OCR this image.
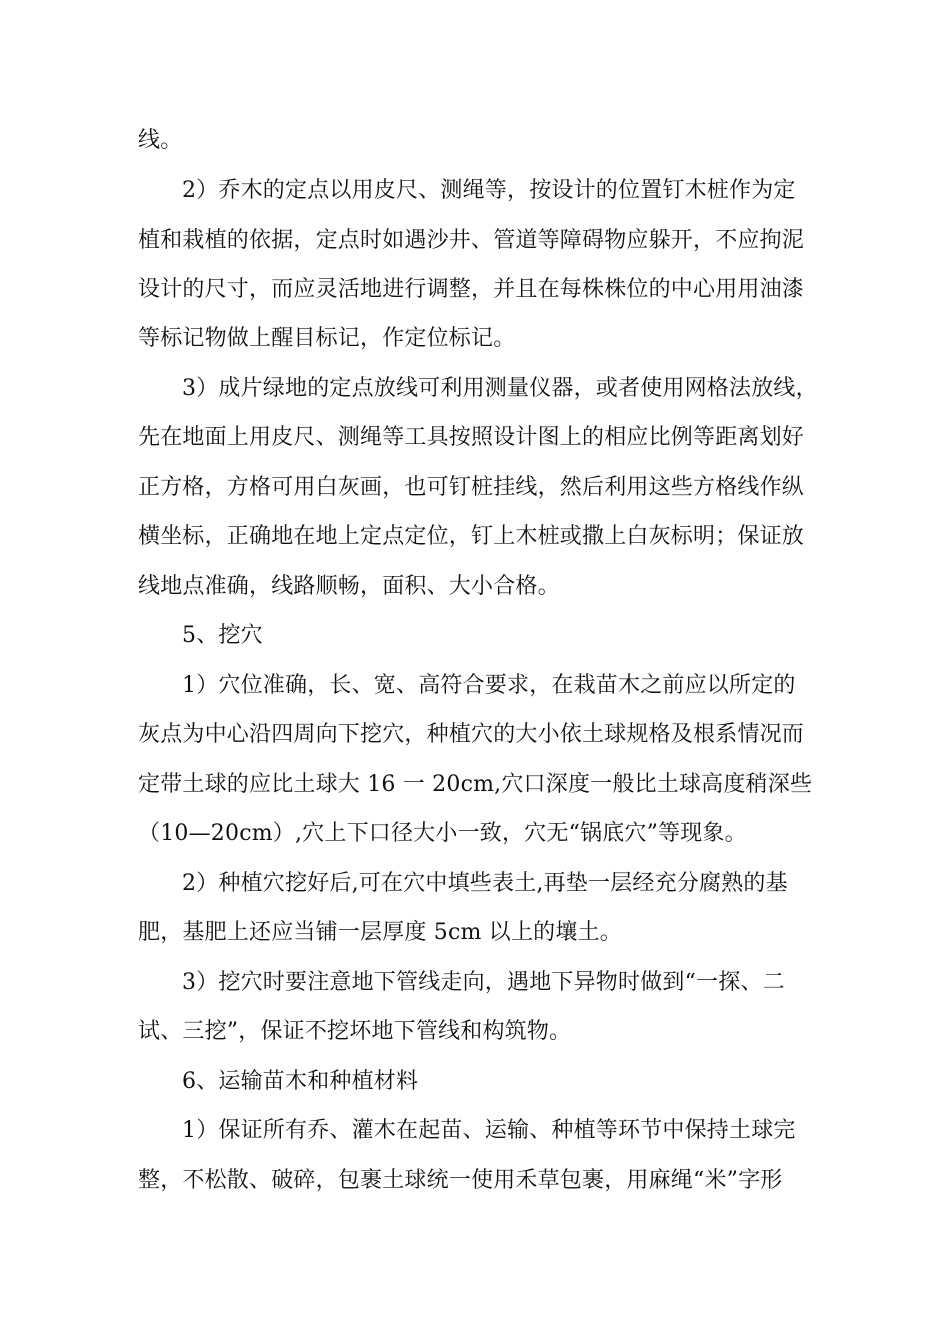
线。
2）乔木的定点以用皮尺、测绳等，按设计的位置钉木桩作为定
植和栽植的依据，定点时如遇沙井、管道等障碍物应躲开，不应拘泥
设计的尺寸，而应灵活地进行调整，并且在每株株位的中心用用油漆
等标记物做上醒目标记，作定位标记。
3）成片绿地的定点放线可利用测量仪器，或者使用网格法放线，
先在地面上用皮尺、测绳等工具按照设计图上的相应比例等距离划好
正方格，方格可用白灰画，也可钉桩挂线，然后利用这些方格线作纵
横坐标，正确地在地上定点定位，钉上木桩或撒上白灰标明；保证放
线地点准确，线路顺畅，面积、大小合格。
5、挖穴
1）穴位准确，长、宽、高符合要求，在栽苗木之前应以所定的
灰点为中心沿四周向下挖穴，种植穴的大小依土球规格及根系情况而
定带土球的应比土球大 16 一 20cm,穴口深度一般比土球高度稍深些
（10—20cm）,穴上下口径大小一致，穴无“锅底穴”等现象。
2）种植穴挖好后,可在穴中填些表土,再垫一层经充分腐熟的基
肥，基肥上还应当铺一层厚度 5cm 以上的壤土。
3）挖穴时要注意地下管线走向，遇地下异物时做到“一探、二
试、三挖”，保证不挖坏地下管线和构筑物。
6、运输苗木和种植材料
1）保证所有乔、灌木在起苗、运输、种植等环节中保持土球完
整，不松散、破碎，包裹土球统一使用禾草包裹，用麻绳“米”字形
